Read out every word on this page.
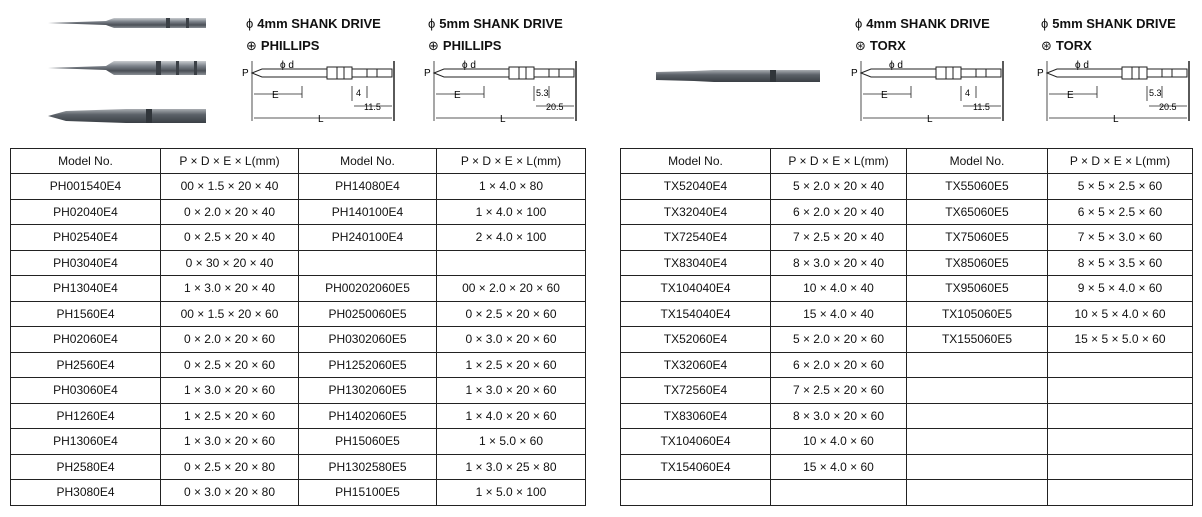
ϕ 4mm SHANK DRIVE
⊕ PHILLIPS
ϕ 5mm SHANK DRIVE
⊕ PHILLIPS
ϕ 4mm SHANK DRIVE
⊛ TORX
ϕ 5mm SHANK DRIVE
⊛ TORX
P
ϕ d
E	4
11.5
L
P
ϕ d
E	5.3
20.5
L
P
ϕ d
E	4
11.5
L
P
ϕ d
E	5.3
20.5
L
Model No.	P × D × E × L(mm)	Model No.	P × D × E × L(mm)
PH001540E4	00 × 1.5 × 20 × 40	PH14080E4	1 × 4.0 × 80
PH02040E4	0 × 2.0 × 20 × 40	PH140100E4	1 × 4.0 × 100
PH02540E4	0 × 2.5 × 20 × 40	PH240100E4	2 × 4.0 × 100
PH03040E4	0 × 30 × 20 × 40		
PH13040E4	1 × 3.0 × 20 × 40	PH00202060E5	00 × 2.0 × 20 × 60
PH1560E4	00 × 1.5 × 20 × 60	PH0250060E5	0 × 2.5 × 20 × 60
PH02060E4	0 × 2.0 × 20 × 60	PH0302060E5	0 × 3.0 × 20 × 60
PH2560E4	0 × 2.5 × 20 × 60	PH1252060E5	1 × 2.5 × 20 × 60
PH03060E4	1 × 3.0 × 20 × 60	PH1302060E5	1 × 3.0 × 20 × 60
PH1260E4	1 × 2.5 × 20 × 60	PH1402060E5	1 × 4.0 × 20 × 60
PH13060E4	1 × 3.0 × 20 × 60	PH15060E5	1 × 5.0 × 60
PH2580E4	0 × 2.5 × 20 × 80	PH1302580E5	1 × 3.0 × 25 × 80
PH3080E4	0 × 3.0 × 20 × 80	PH15100E5	1 × 5.0 × 100
Model No.	P × D × E × L(mm)	Model No.	P × D × E × L(mm)
TX52040E4	5 × 2.0 × 20 × 40	TX55060E5	5 × 5 × 2.5 × 60
TX32040E4	6 × 2.0 × 20 × 40	TX65060E5	6 × 5 × 2.5 × 60
TX72540E4	7 × 2.5 × 20 × 40	TX75060E5	7 × 5 × 3.0 × 60
TX83040E4	8 × 3.0 × 20 × 40	TX85060E5	8 × 5 × 3.5 × 60
TX104040E4	10 × 4.0 × 40	TX95060E5	9 × 5 × 4.0 × 60
TX154040E4	15 × 4.0 × 40	TX105060E5	10 × 5 × 4.0 × 60
TX52060E4	5 × 2.0 × 20 × 60	TX155060E5	15 × 5 × 5.0 × 60
TX32060E4	6 × 2.0 × 20 × 60		
TX72560E4	7 × 2.5 × 20 × 60		
TX83060E4	8 × 3.0 × 20 × 60		
TX104060E4	10 × 4.0 × 60		
TX154060E4	15 × 4.0 × 60		
